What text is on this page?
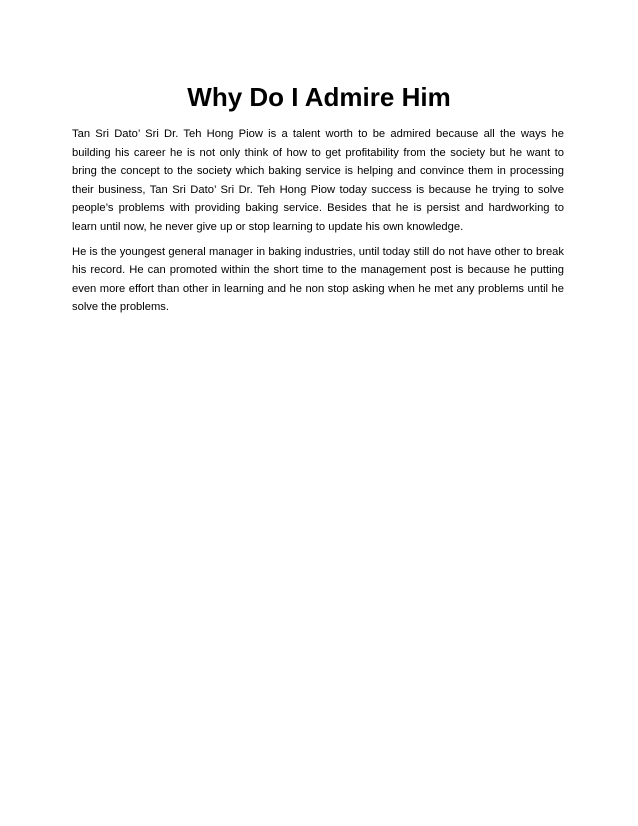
Why Do I Admire Him

Tan Sri Dato’ Sri Dr. Teh Hong Piow is a talent worth to be admired because all the ways he building his career he is not only think of how to get profitability from the society but he want to bring the concept to the society which baking service is helping and convince them in processing their business, Tan Sri Dato’ Sri Dr. Teh Hong Piow today success is because he trying to solve people’s problems with providing baking service. Besides that he is persist and hardworking to learn until now, he never give up or stop learning to update his own knowledge.

He is the youngest general manager in baking industries, until today still do not have other to break his record. He can promoted within the short time to the management post is because he putting even more effort than other in learning and he non stop asking when he met any problems until he solve the problems.
